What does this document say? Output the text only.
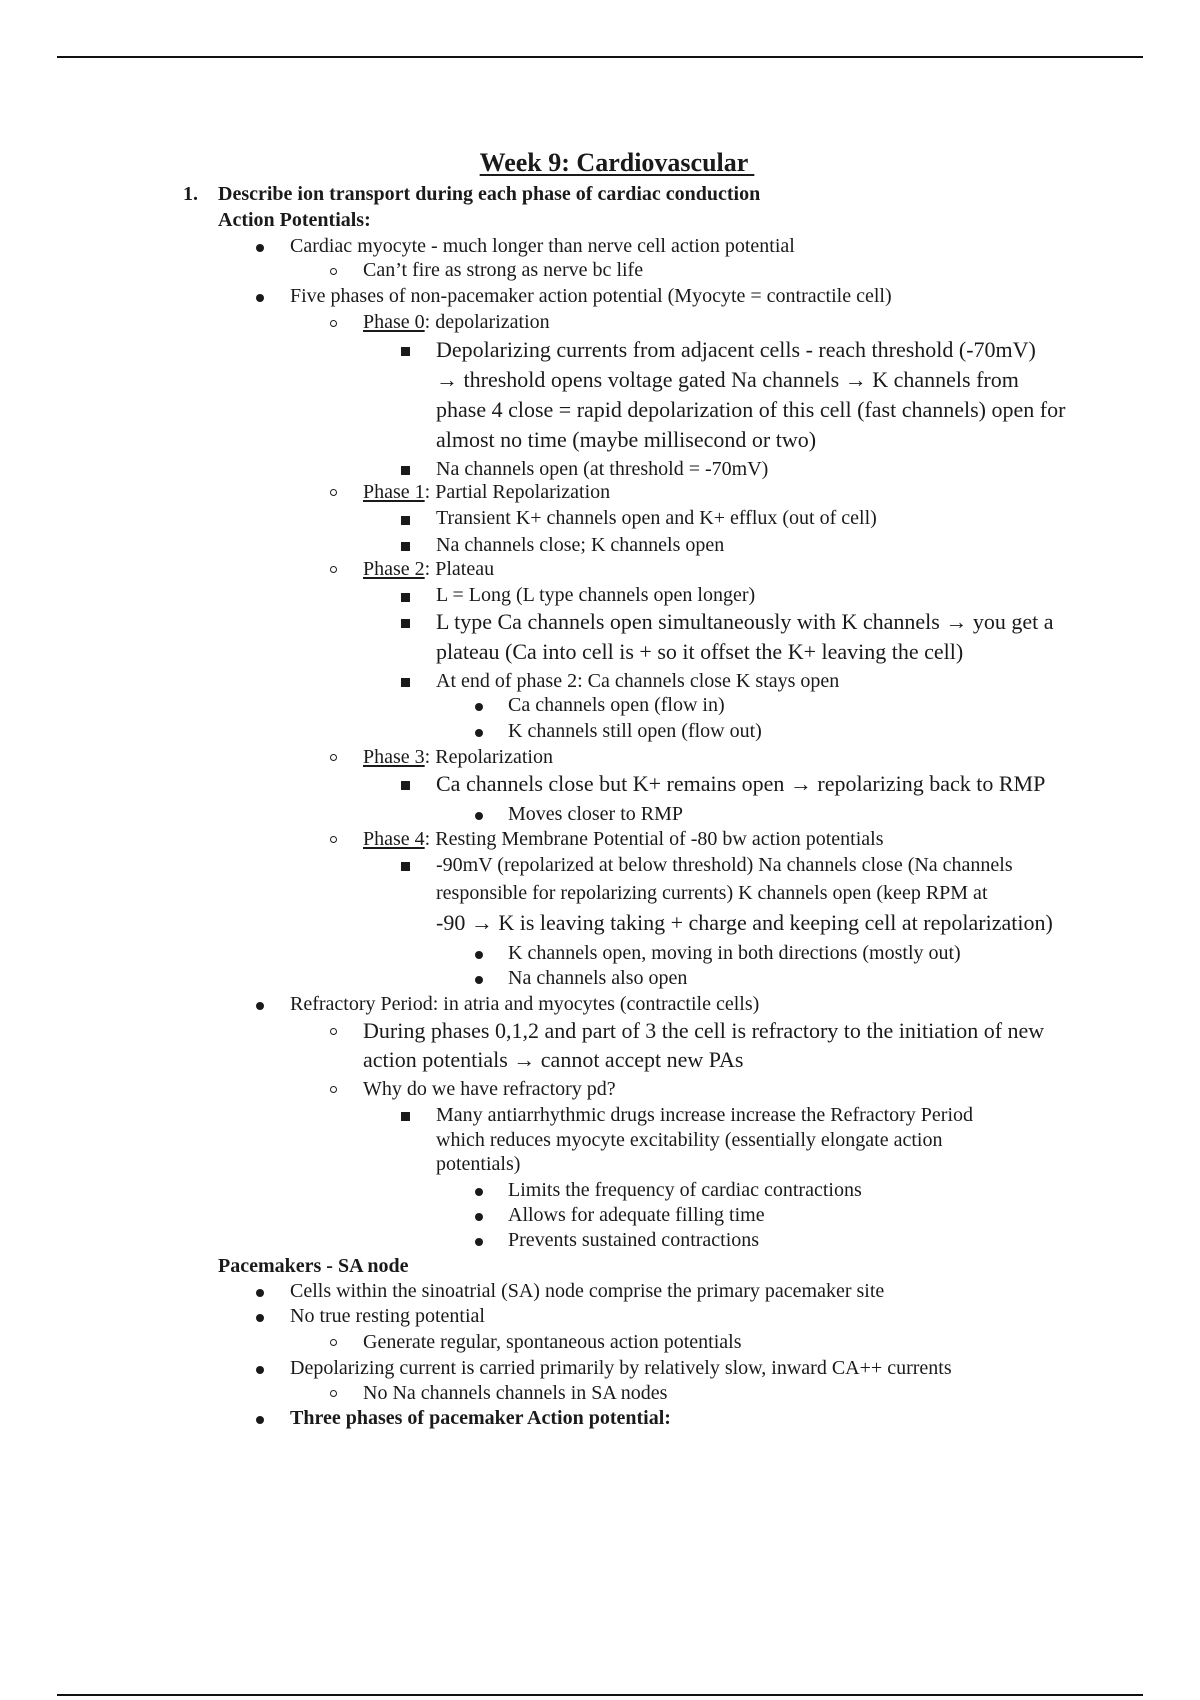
Week 9: Cardiovascular
1. Describe ion transport during each phase of cardiac conduction
Action Potentials:
Cardiac myocyte - much longer than nerve cell action potential
Can’t fire as strong as nerve bc life
Five phases of non-pacemaker action potential (Myocyte = contractile cell)
Phase 0: depolarization
Depolarizing currents from adjacent cells - reach threshold (-70mV)
→ threshold opens voltage gated Na channels → K channels from
phase 4 close = rapid depolarization of this cell (fast channels) open for
almost no time (maybe millisecond or two)
Na channels open (at threshold = -70mV)
Phase 1: Partial Repolarization
Transient K+ channels open and K+ efflux (out of cell)
Na channels close; K channels open
Phase 2: Plateau
L = Long (L type channels open longer)
L type Ca channels open simultaneously with K channels → you get a
plateau (Ca into cell is + so it offset the K+ leaving the cell)
At end of phase 2: Ca channels close K stays open
Ca channels open (flow in)
K channels still open (flow out)
Phase 3: Repolarization
Ca channels close but K+ remains open → repolarizing back to RMP
Moves closer to RMP
Phase 4: Resting Membrane Potential of -80 bw action potentials
-90mV (repolarized at below threshold) Na channels close (Na channels
responsible for repolarizing currents) K channels open (keep RPM at
-90 → K is leaving taking + charge and keeping cell at repolarization)
K channels open, moving in both directions (mostly out)
Na channels also open
Refractory Period: in atria and myocytes (contractile cells)
During phases 0,1,2 and part of 3 the cell is refractory to the initiation of new
action potentials → cannot accept new PAs
Why do we have refractory pd?
Many antiarrhythmic drugs increase increase the Refractory Period
which reduces myocyte excitability (essentially elongate action
potentials)
Limits the frequency of cardiac contractions
Allows for adequate filling time
Prevents sustained contractions
Pacemakers - SA node
Cells within the sinoatrial (SA) node comprise the primary pacemaker site
No true resting potential
Generate regular, spontaneous action potentials
Depolarizing current is carried primarily by relatively slow, inward CA++ currents
No Na channels channels in SA nodes
Three phases of pacemaker Action potential:
